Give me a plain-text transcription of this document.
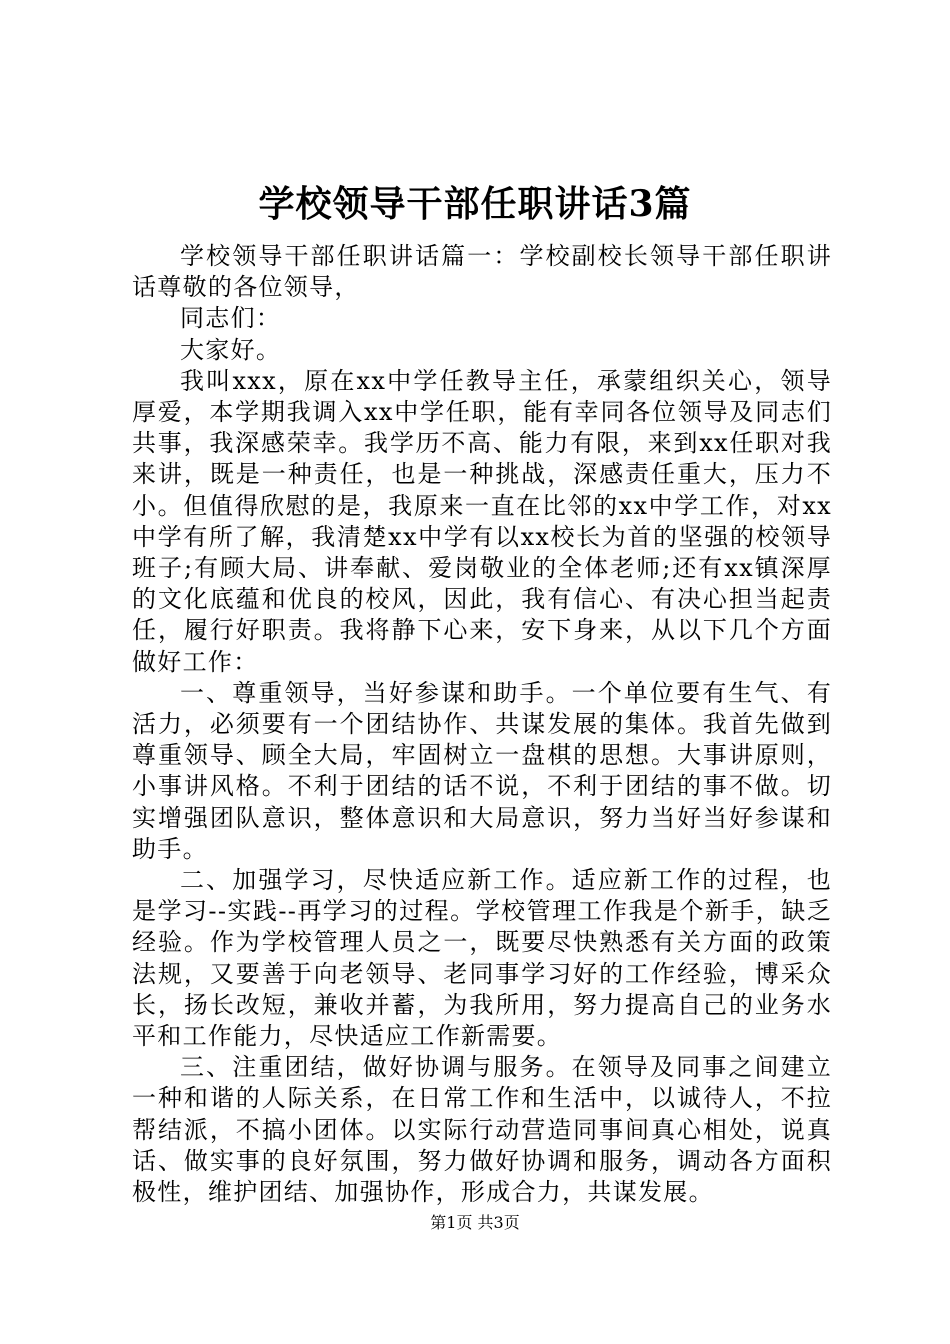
学校领导干部任职讲话3篇

学校领导干部任职讲话篇一：学校副校长领导干部任职讲话尊敬的各位领导，

同志们：

大家好。

我叫xxx，原在xx中学任教导主任，承蒙组织关心，领导厚爱，本学期我调入xx中学任职，能有幸同各位领导及同志们共事，我深感荣幸。我学历不高、能力有限，来到xx任职对我来讲，既是一种责任，也是一种挑战，深感责任重大，压力不小。但值得欣慰的是，我原来一直在比邻的xx中学工作，对xx中学有所了解，我清楚xx中学有以xx校长为首的坚强的校领导班子;有顾大局、讲奉献、爱岗敬业的全体老师;还有xx镇深厚的文化底蕴和优良的校风，因此，我有信心、有决心担当起责任，履行好职责。我将静下心来，安下身来，从以下几个方面做好工作：

一、尊重领导，当好参谋和助手。一个单位要有生气、有活力，必须要有一个团结协作、共谋发展的集体。我首先做到尊重领导、顾全大局，牢固树立一盘棋的思想。大事讲原则，小事讲风格。不利于团结的话不说，不利于团结的事不做。切实增强团队意识，整体意识和大局意识，努力当好当好参谋和助手。

二、加强学习，尽快适应新工作。适应新工作的过程，也是学习--实践--再学习的过程。学校管理工作我是个新手，缺乏经验。作为学校管理人员之一，既要尽快熟悉有关方面的政策法规，又要善于向老领导、老同事学习好的工作经验，博采众长，扬长改短，兼收并蓄，为我所用，努力提高自己的业务水平和工作能力，尽快适应工作新需要。

三、注重团结，做好协调与服务。在领导及同事之间建立一种和谐的人际关系，在日常工作和生活中，以诚待人，不拉帮结派，不搞小团体。以实际行动营造同事间真心相处，说真话、做实事的良好氛围，努力做好协调和服务，调动各方面积极性，维护团结、加强协作，形成合力，共谋发展。

第1页 共3页
